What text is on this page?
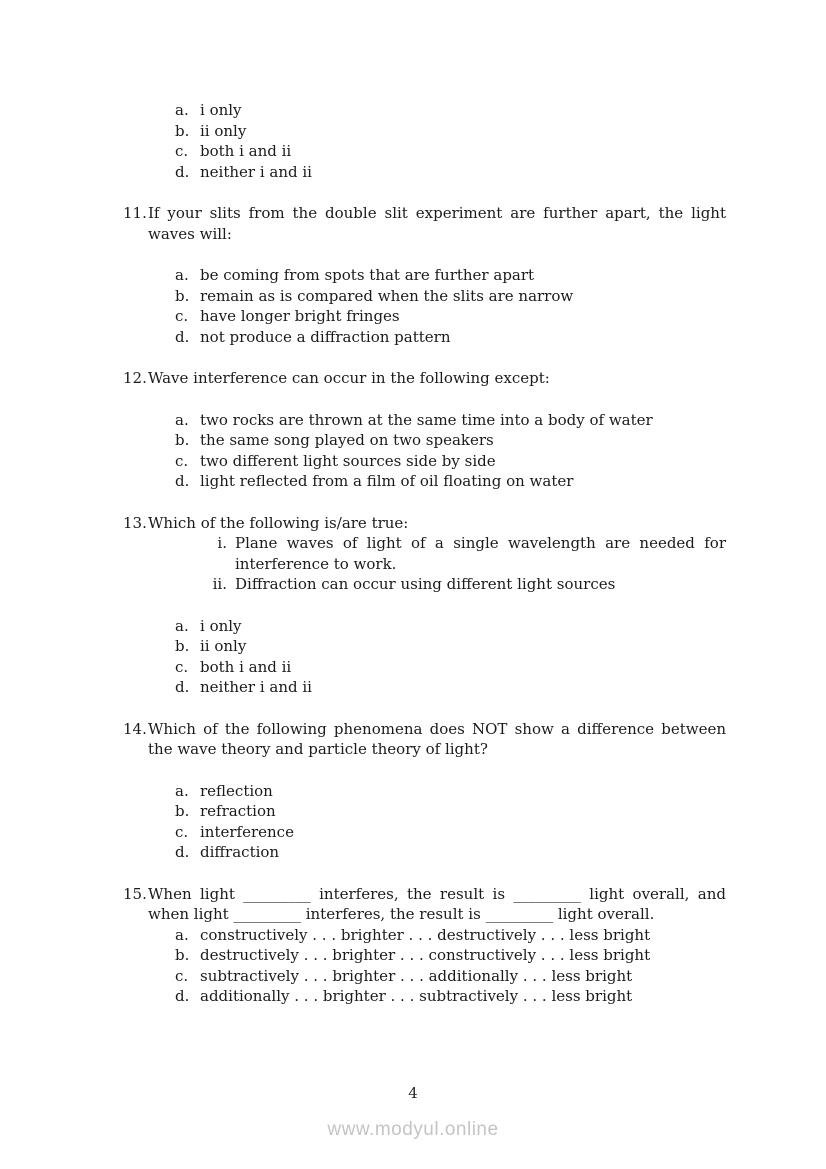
a. i only
b. ii only
c. both i and ii
d. neither i and ii
11. If your slits from the double slit experiment are further apart, the light waves will:
a. be coming from spots that are further apart
b. remain as is compared when the slits are narrow
c. have longer bright fringes
d. not produce a diffraction pattern
12. Wave interference can occur in the following except:
a. two rocks are thrown at the same time into a body of water
b. the same song played on two speakers
c. two different light sources side by side
d. light reflected from a film of oil floating on water
13. Which of the following is/are true:
i. Plane waves of light of a single wavelength are needed for interference to work.
ii. Diffraction can occur using different light sources
a. i only
b. ii only
c. both i and ii
d. neither i and ii
14. Which of the following phenomena does NOT show a difference between the wave theory and particle theory of light?
a. reflection
b. refraction
c. interference
d. diffraction
15. When light _________ interferes, the result is _________ light overall, and when light _________ interferes, the result is _________ light overall.
a. constructively . . . brighter . . . destructively . . . less bright
b. destructively . . . brighter . . . constructively . . . less bright
c. subtractively . . . brighter . . . additionally . . . less bright
d. additionally . . . brighter . . . subtractively . . . less bright
4
www.modyul.online
